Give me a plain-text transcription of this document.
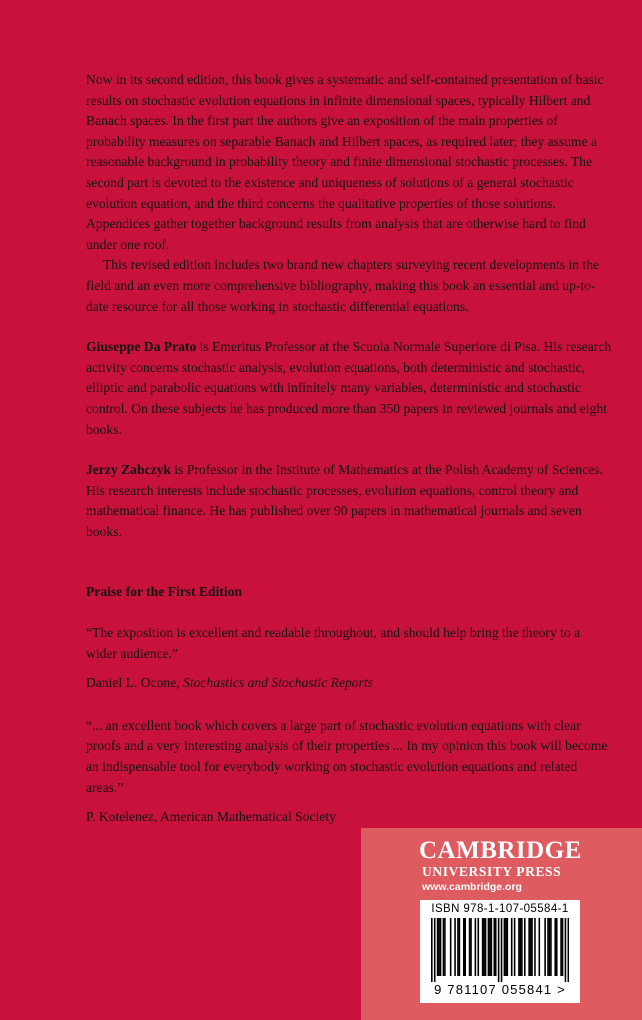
Now in its second edition, this book gives a systematic and self-contained presentation of basic results on stochastic evolution equations in infinite dimensional spaces, typically Hilbert and Banach spaces. In the first part the authors give an exposition of the main properties of probability measures on separable Banach and Hilbert spaces, as required later; they assume a reasonable background in probability theory and finite dimensional stochastic processes. The second part is devoted to the existence and uniqueness of solutions of a general stochastic evolution equation, and the third concerns the qualitative properties of those solutions. Appendices gather together background results from analysis that are otherwise hard to find under one roof.

This revised edition includes two brand new chapters surveying recent developments in the field and an even more comprehensive bibliography, making this book an essential and up-to-date resource for all those working in stochastic differential equations.

Giuseppe Da Prato is Emeritus Professor at the Scuola Normale Superiore di Pisa. His research activity concerns stochastic analysis, evolution equations, both deterministic and stochastic, elliptic and parabolic equations with infinitely many variables, deterministic and stochastic control. On these subjects he has produced more than 350 papers in reviewed journals and eight books.

Jerzy Zabczyk is Professor in the Institute of Mathematics at the Polish Academy of Sciences. His research interests include stochastic processes, evolution equations, control theory and mathematical finance. He has published over 90 papers in mathematical journals and seven books.

Praise for the First Edition

“The exposition is excellent and readable throughout, and should help bring the theory to a wider audience.”

Daniel L. Ocone, Stochastics and Stochastic Reports

“... an excellent book which covers a large part of stochastic evolution equations with clear proofs and a very interesting analysis of their properties ... In my opinion this book will become an indispensable tool for everybody working on stochastic evolution equations and related areas.”

P. Kotelenez, American Mathematical Society

CAMBRIDGE
UNIVERSITY PRESS
www.cambridge.org
ISBN 978-1-107-05584-1
9 781107 055841 >
